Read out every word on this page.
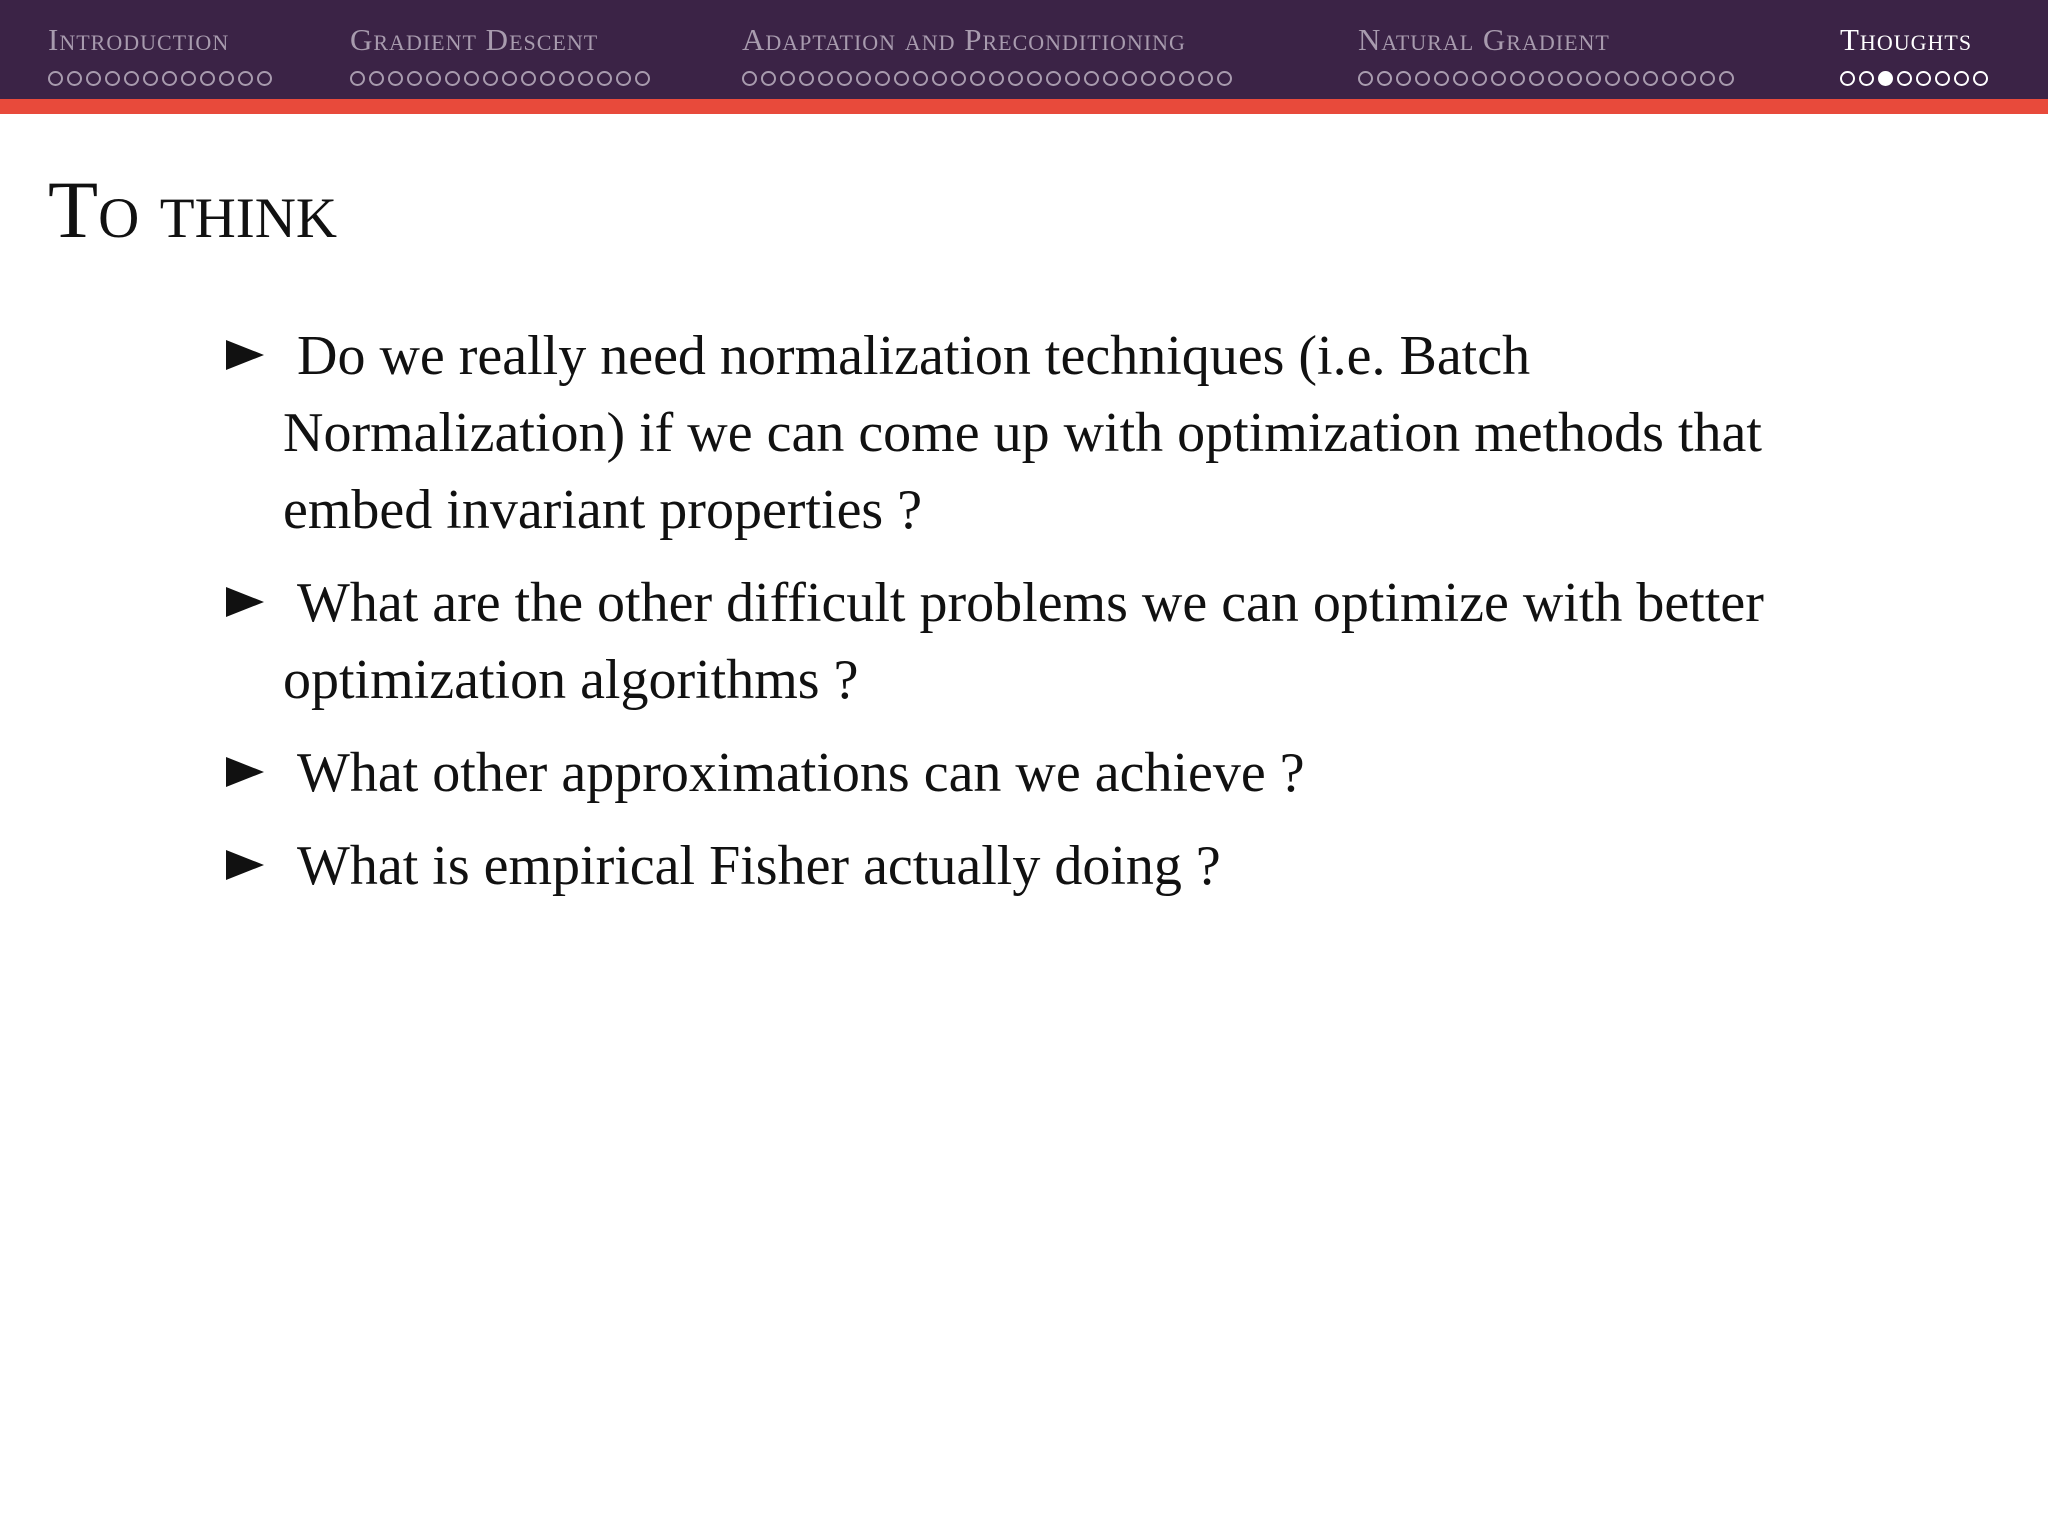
Introduction	Gradient Descent	Adaptation and Preconditioning	Natural Gradient	Thoughts
To think
Do we really need normalization techniques (i.e. Batch Normalization) if we can come up with optimization methods that embed invariant properties ?
What are the other difficult problems we can optimize with better optimization algorithms ?
What other approximations can we achieve ?
What is empirical Fisher actually doing ?
